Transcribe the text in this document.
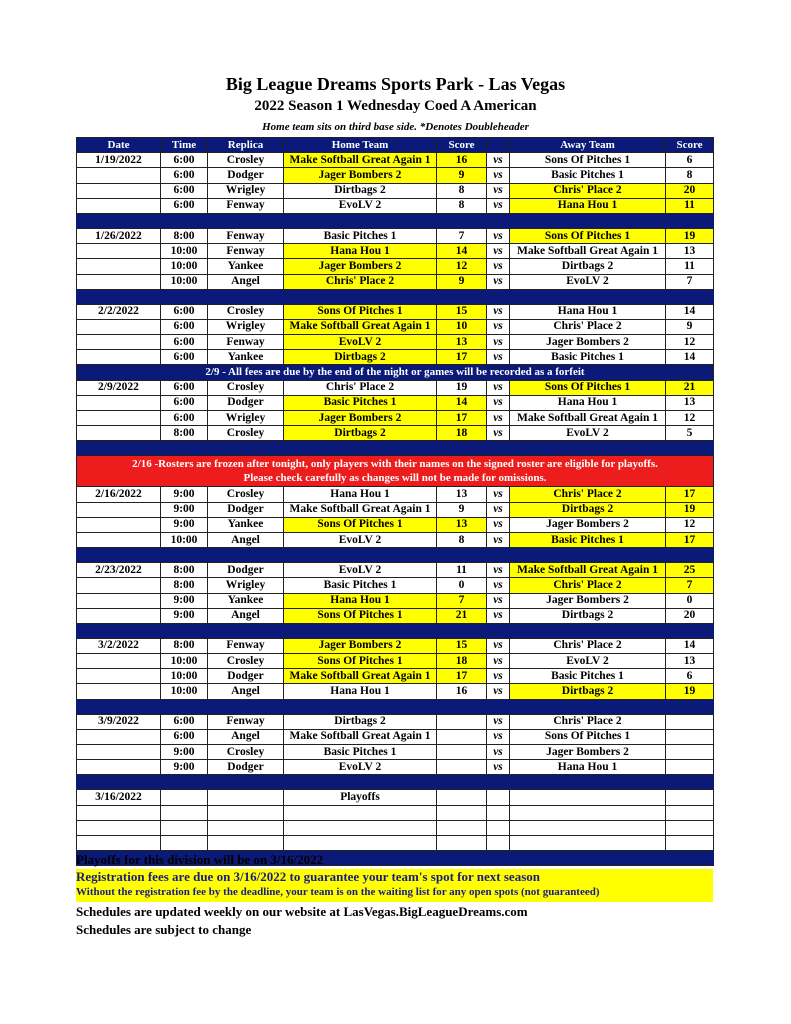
Big League Dreams Sports Park - Las Vegas
2022 Season 1 Wednesday Coed A American
Home team sits on third base side. *Denotes Doubleheader
Date	Time	Replica	Home Team	Score		Away Team	Score
1/19/2022	6:00	Crosley	Make Softball Great Again 1	16	vs	Sons Of Pitches 1	6
	6:00	Dodger	Jager Bombers 2	9	vs	Basic Pitches 1	8
	6:00	Wrigley	Dirtbags 2	8	vs	Chris' Place 2	20
	6:00	Fenway	EvoLV 2	8	vs	Hana Hou 1	11

1/26/2022	8:00	Fenway	Basic Pitches 1	7	vs	Sons Of Pitches 1	19
	10:00	Fenway	Hana Hou 1	14	vs	Make Softball Great Again 1	13
	10:00	Yankee	Jager Bombers 2	12	vs	Dirtbags 2	11
	10:00	Angel	Chris' Place 2	9	vs	EvoLV 2	7

2/2/2022	6:00	Crosley	Sons Of Pitches 1	15	vs	Hana Hou 1	14
	6:00	Wrigley	Make Softball Great Again 1	10	vs	Chris' Place 2	9
	6:00	Fenway	EvoLV 2	13	vs	Jager Bombers 2	12
	6:00	Yankee	Dirtbags 2	17	vs	Basic Pitches 1	14
2/9 - All fees are due by the end of the night or games will be recorded as a forfeit							
2/9/2022	6:00	Crosley	Chris' Place 2	19	vs	Sons Of Pitches 1	21
	6:00	Dodger	Basic Pitches 1	14	vs	Hana Hou 1	13
	6:00	Wrigley	Jager Bombers 2	17	vs	Make Softball Great Again 1	12
	8:00	Crosley	Dirtbags 2	18	vs	EvoLV 2	5

2/16 -Rosters are frozen after tonight, only players with their names on the signed roster are eligible for playoffs.
Please check carefully as changes will not be made for omissions.							

2/16/2022	9:00	Crosley	Hana Hou 1	13	vs	Chris' Place 2	17
	9:00	Dodger	Make Softball Great Again 1	9	vs	Dirtbags 2	19
	9:00	Yankee	Sons Of Pitches 1	13	vs	Jager Bombers 2	12
	10:00	Angel	EvoLV 2	8	vs	Basic Pitches 1	17

2/23/2022	8:00	Dodger	EvoLV 2	11	vs	Make Softball Great Again 1	25
	8:00	Wrigley	Basic Pitches 1	0	vs	Chris' Place 2	7
	9:00	Yankee	Hana Hou 1	7	vs	Jager Bombers 2	0
	9:00	Angel	Sons Of Pitches 1	21	vs	Dirtbags 2	20

3/2/2022	8:00	Fenway	Jager Bombers 2	15	vs	Chris' Place 2	14
	10:00	Crosley	Sons Of Pitches 1	18	vs	EvoLV 2	13
	10:00	Dodger	Make Softball Great Again 1	17	vs	Basic Pitches 1	6
	10:00	Angel	Hana Hou 1	16	vs	Dirtbags 2	19

3/9/2022	6:00	Fenway	Dirtbags 2		vs	Chris' Place 2	
	6:00	Angel	Make Softball Great Again 1		vs	Sons Of Pitches 1	
	9:00	Crosley	Basic Pitches 1		vs	Jager Bombers 2	
	9:00	Dodger	EvoLV 2		vs	Hana Hou 1	

3/16/2022			Playoffs				

Playoffs for this division will be on 3/16/2022
Registration fees are due on 3/16/2022 to guarantee your team's spot for next season
Without the registration fee by the deadline, your team is on the waiting list for any open spots (not guaranteed)
Schedules are updated weekly on our website at LasVegas.BigLeagueDreams.com
Schedules are subject to change
